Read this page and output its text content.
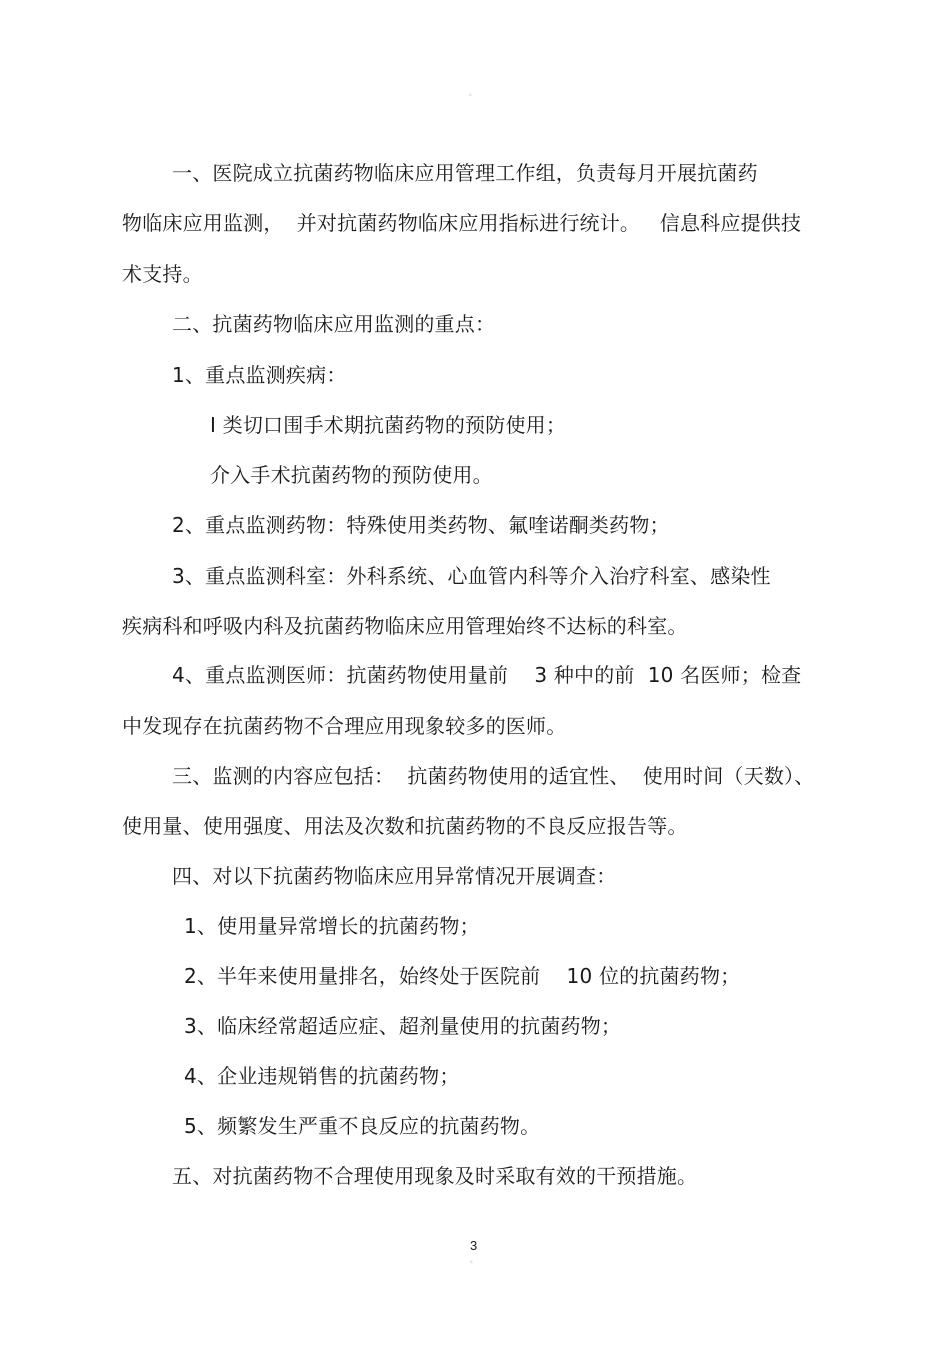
。
一、医院成立抗菌药物临床应用管理工作组，负责每月开展抗菌药
物临床应用监测，  并对抗菌药物临床应用指标进行统计。   信息科应提供技
术支持。
二、抗菌药物临床应用监测的重点：
1、重点监测疾病：
I 类切口围手术期抗菌药物的预防使用；
介入手术抗菌药物的预防使用。
2、重点监测药物：特殊使用类药物、氟喹诺酮类药物；
3、重点监测科室：外科系统、心血管内科等介入治疗科室、感染性
疾病科和呼吸内科及抗菌药物临床应用管理始终不达标的科室。
4、重点监测医师：抗菌药物使用量前    3 种中的前  10 名医师；检查
中发现存在抗菌药物不合理应用现象较多的医师。
三、监测的内容应包括：  抗菌药物使用的适宜性、  使用时间（天数）、
使用量、使用强度、用法及次数和抗菌药物的不良反应报告等。
四、对以下抗菌药物临床应用异常情况开展调查：
1、使用量异常增长的抗菌药物；
2、半年来使用量排名，始终处于医院前    10 位的抗菌药物；
3、临床经常超适应症、超剂量使用的抗菌药物；
4、企业违规销售的抗菌药物；
5、频繁发生严重不良反应的抗菌药物。
五、对抗菌药物不合理使用现象及时采取有效的干预措施。
3
。
